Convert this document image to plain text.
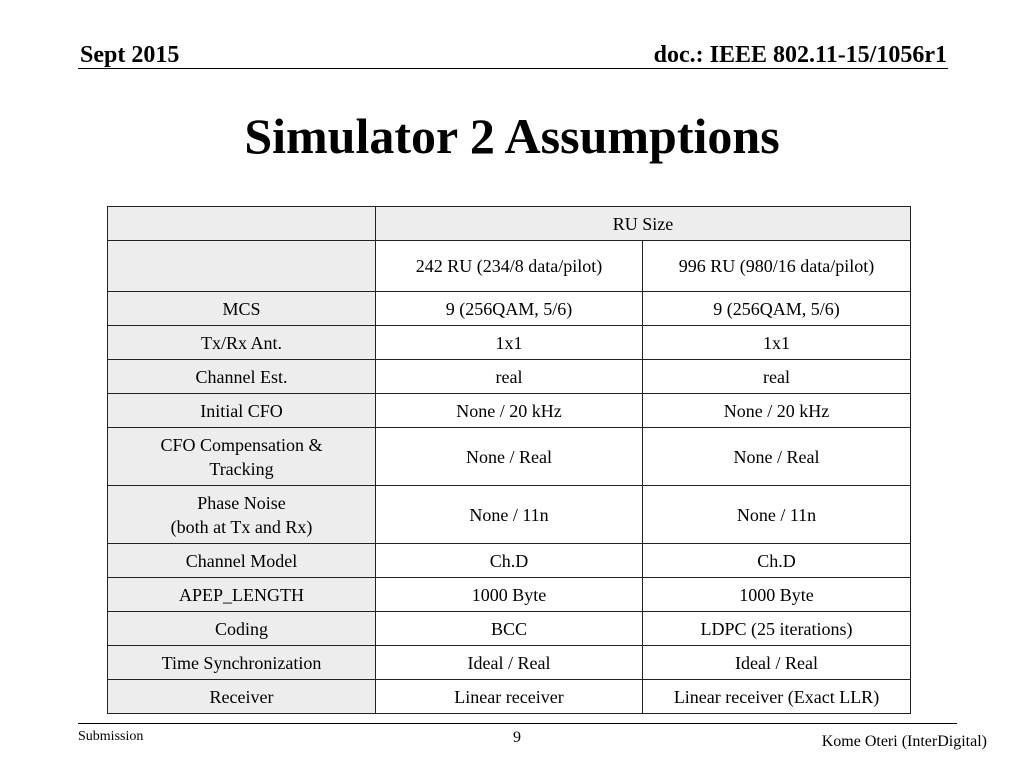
Sept 2015	doc.: IEEE 802.11-15/1056r1
Simulator 2 Assumptions
	RU Size	
	242 RU (234/8 data/pilot)	996 RU (980/16 data/pilot)
MCS	9 (256QAM, 5/6)	9 (256QAM, 5/6)
Tx/Rx Ant.	1x1	1x1
Channel Est.	real	real
Initial CFO	None / 20 kHz	None / 20 kHz
CFO Compensation &
Tracking	None / Real	None / Real
Phase Noise
(both at Tx and Rx)	None / 11n	None / 11n
Channel Model	Ch.D	Ch.D
APEP_LENGTH	1000 Byte	1000 Byte
Coding	BCC	LDPC (25 iterations)
Time Synchronization	Ideal / Real	Ideal / Real
Receiver	Linear receiver	Linear receiver (Exact LLR)
Submission	9	Kome Oteri (InterDigital)
